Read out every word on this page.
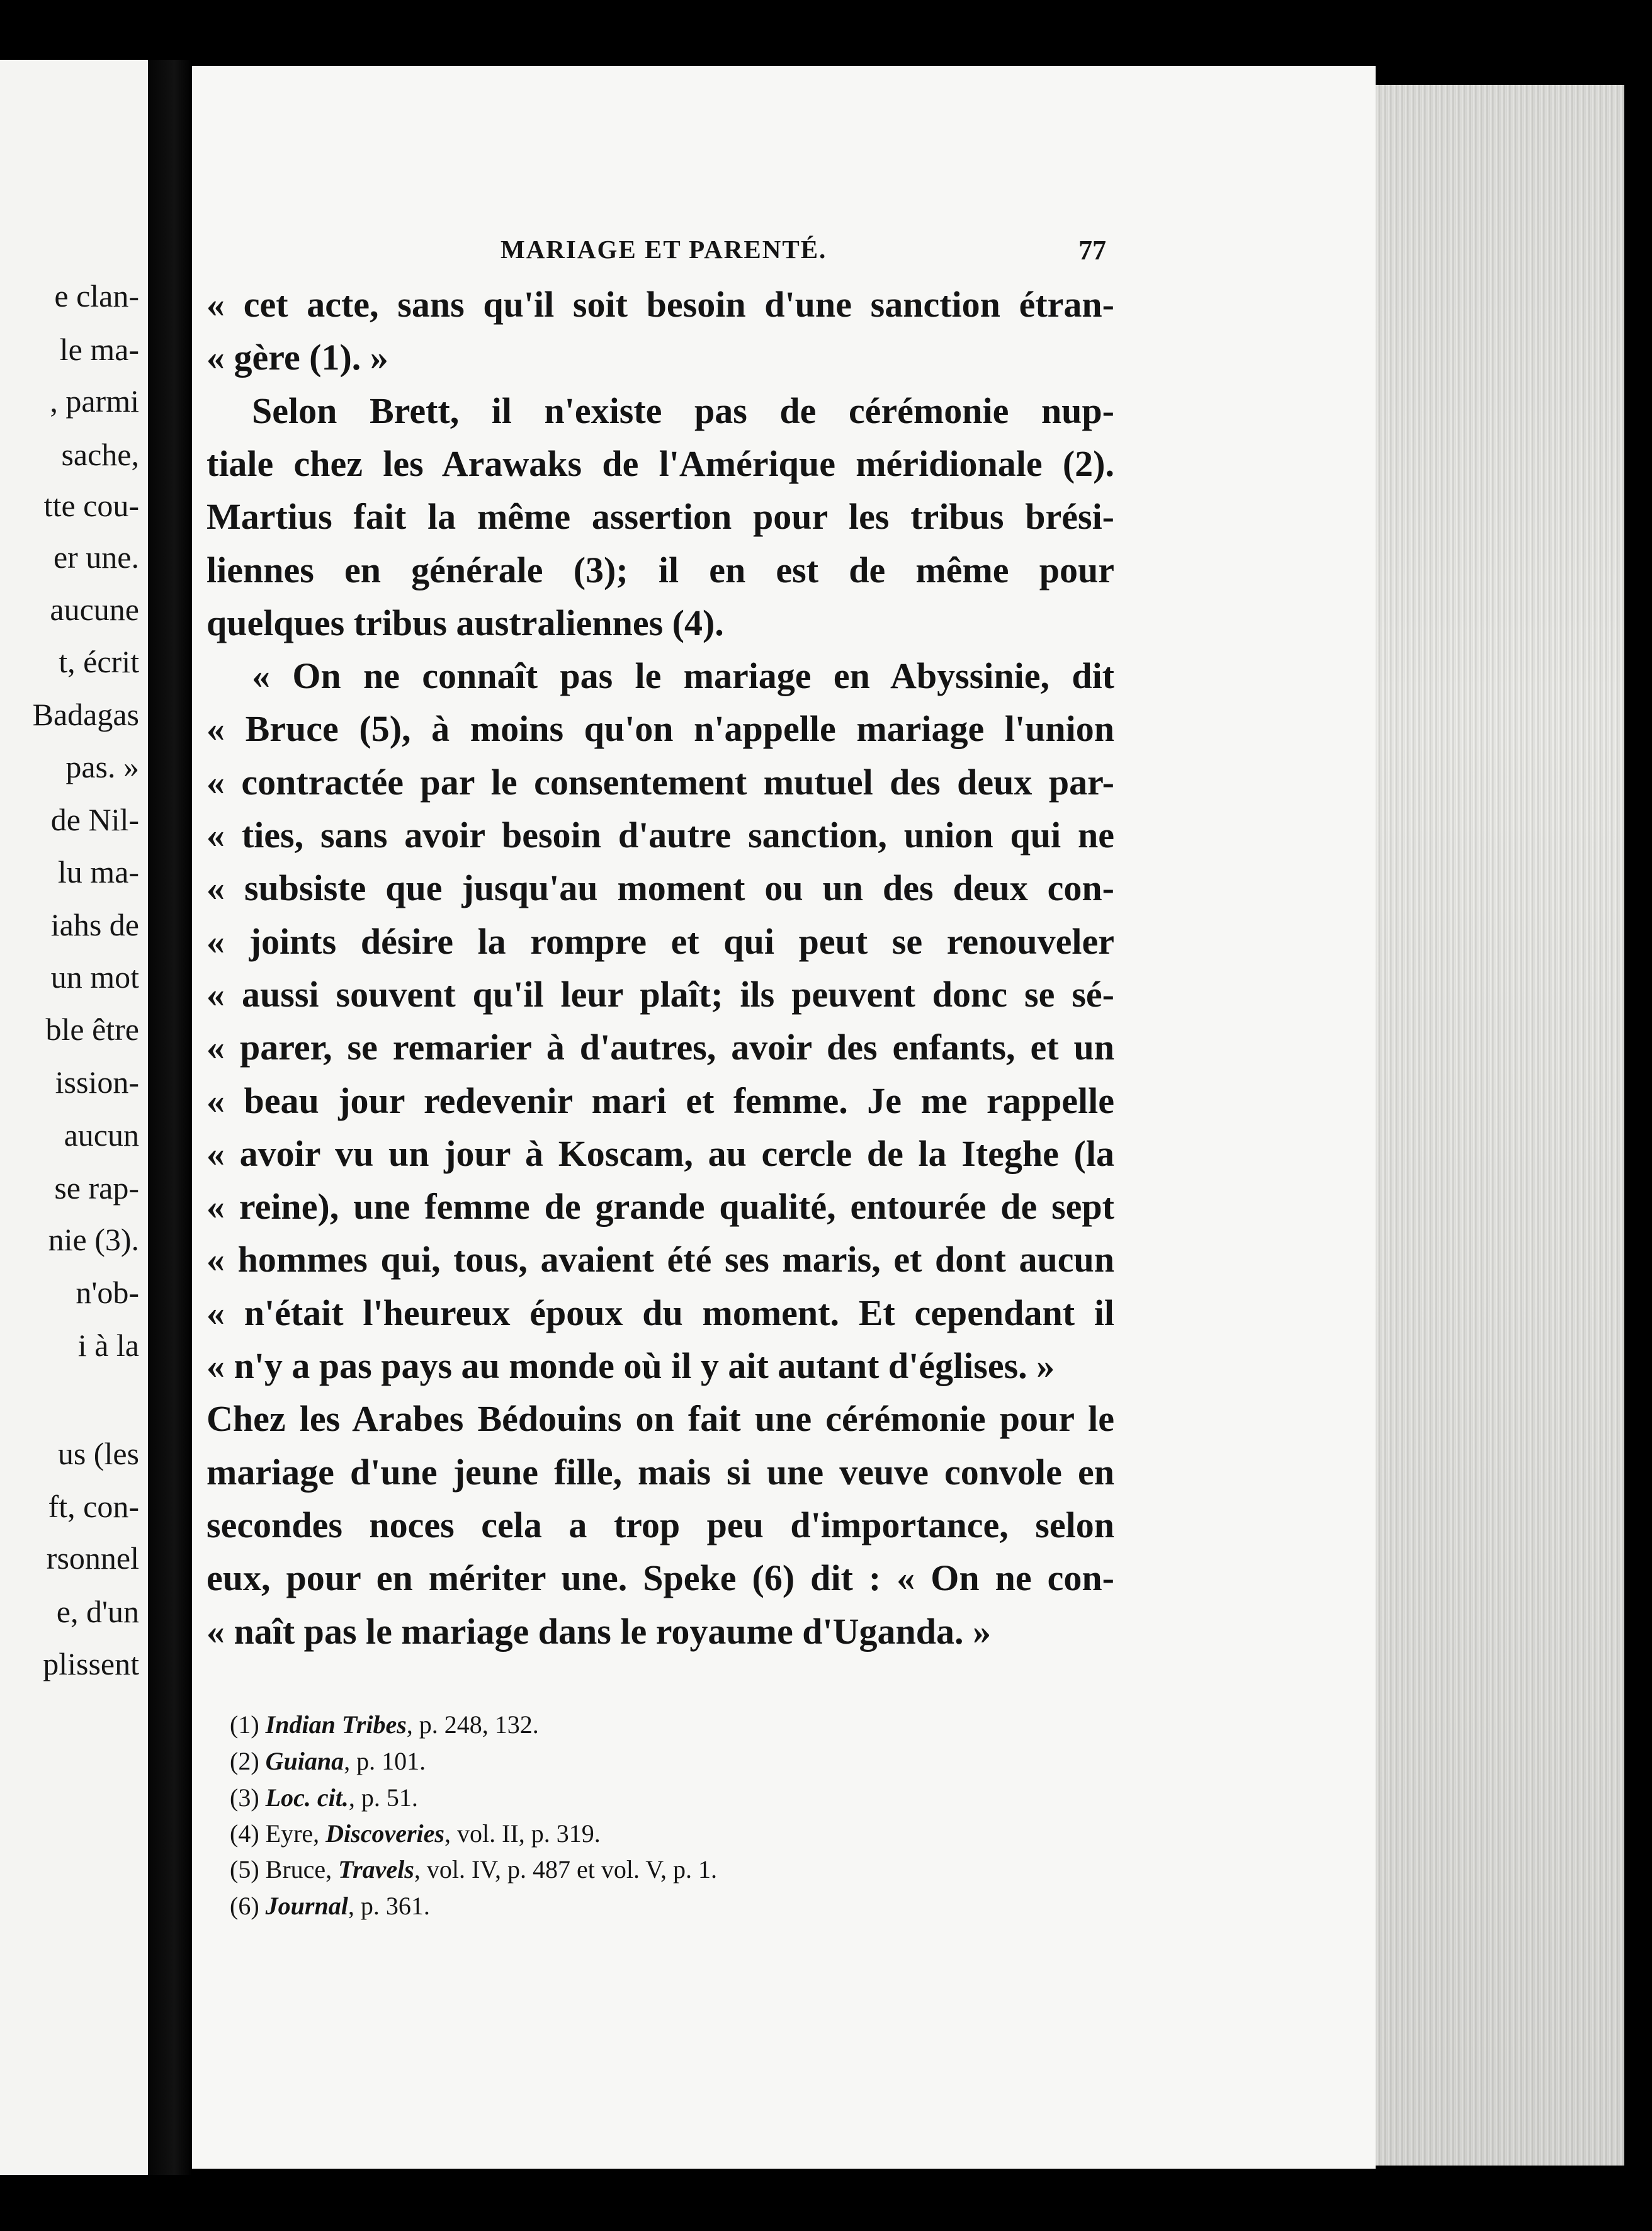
e clan-
le ma-
, parmi
sache,
tte cou-
er une.
aucune
t, écrit
Badagas
pas. »
de Nil-
lu ma-
iahs de
un mot
ble être
ission-
aucun
se rap-
nie (3).
n'ob-
i à la
us (les
ft, con-
rsonnel
e, d'un
plissent
MARIAGE ET PARENTÉ.	77
« cet acte, sans qu'il soit besoin d'une sanction étran-
« gère (1). »
Selon Brett, il n'existe pas de cérémonie nup-
tiale chez les Arawaks de l'Amérique méridionale (2).
Martius fait la même assertion pour les tribus brési-
liennes en générale (3); il en est de même pour
quelques tribus australiennes (4).
« On ne connaît pas le mariage en Abyssinie, dit
« Bruce (5), à moins qu'on n'appelle mariage l'union
« contractée par le consentement mutuel des deux par-
« ties, sans avoir besoin d'autre sanction, union qui ne
« subsiste que jusqu'au moment ou un des deux con-
« joints désire la rompre et qui peut se renouveler
« aussi souvent qu'il leur plaît; ils peuvent donc se sé-
« parer, se remarier à d'autres, avoir des enfants, et un
« beau jour redevenir mari et femme. Je me rappelle
« avoir vu un jour à Koscam, au cercle de la Iteghe (la
« reine), une femme de grande qualité, entourée de sept
« hommes qui, tous, avaient été ses maris, et dont aucun
« n'était l'heureux époux du moment. Et cependant il
« n'y a pas pays au monde où il y ait autant d'églises. »
Chez les Arabes Bédouins on fait une cérémonie pour le
mariage d'une jeune fille, mais si une veuve convole en
secondes noces cela a trop peu d'importance, selon
eux, pour en mériter une. Speke (6) dit : « On ne con-
« naît pas le mariage dans le royaume d'Uganda. »
(1) Indian Tribes, p. 248, 132.
(2) Guiana, p. 101.
(3) Loc. cit., p. 51.
(4) Eyre, Discoveries, vol. II, p. 319.
(5) Bruce, Travels, vol. IV, p. 487 et vol. V, p. 1.
(6) Journal, p. 361.
